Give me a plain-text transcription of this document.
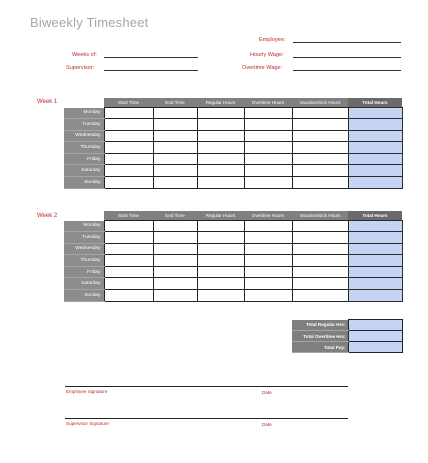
Biweekly Timesheet
Employee:
Weeks of:	Hourly Wage:
Supervisor:	Overtime Wage:
Week 1
		Start Time	End Time	Regular Hours	Overtime Hours	Vacation/Sick Hours	Total Hours
Monday						
Tuesday						
Wednesday						
Thursday						
Friday						
Saturday						
Sunday						
Week 2
		Start Time	End Time	Regular Hours	Overtime Hours	Vacation/Sick Hours	Total Hours
Monday						
Tuesday						
Wednesday						
Thursday						
Friday						
Saturday						
Sunday						
Total Regular Hrs:	
Total Overtime Hrs:	
Total Pay:	
Employee Signature	Date
Supervisor Signature	Date
